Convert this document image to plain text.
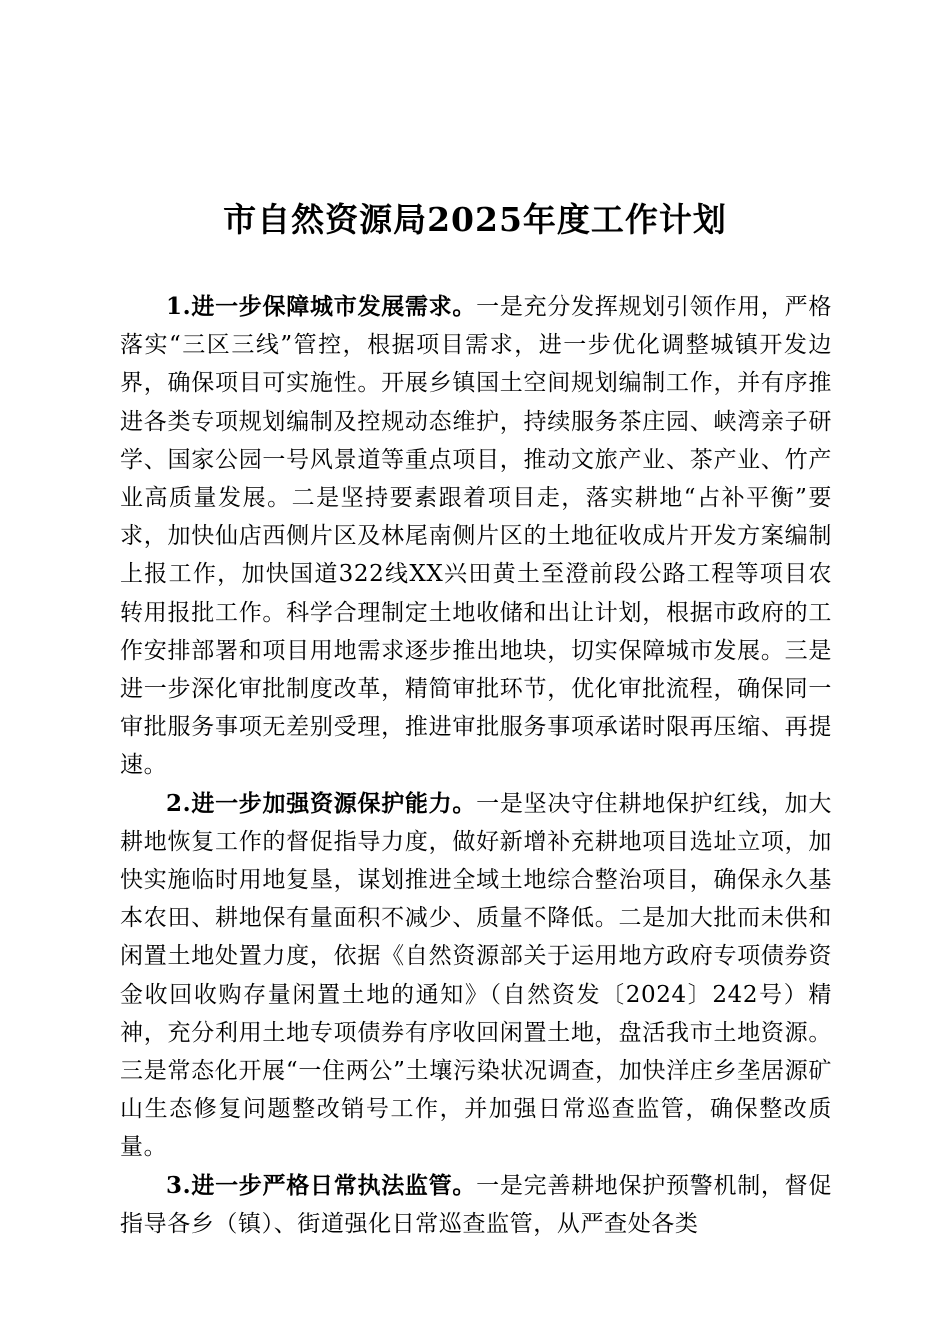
市自然资源局2025年度工作计划

1.进一步保障城市发展需求。一是充分发挥规划引领作用，严格落实“三区三线”管控，根据项目需求，进一步优化调整城镇开发边界，确保项目可实施性。开展乡镇国土空间规划编制工作，并有序推进各类专项规划编制及控规动态维护，持续服务茶庄园、峡湾亲子研学、国家公园一号风景道等重点项目，推动文旅产业、茶产业、竹产业高质量发展。二是坚持要素跟着项目走，落实耕地“占补平衡”要求，加快仙店西侧片区及林尾南侧片区的土地征收成片开发方案编制上报工作，加快国道322线XX兴田黄土至澄前段公路工程等项目农转用报批工作。科学合理制定土地收储和出让计划，根据市政府的工作安排部署和项目用地需求逐步推出地块，切实保障城市发展。三是进一步深化审批制度改革，精简审批环节，优化审批流程，确保同一审批服务事项无差别受理，推进审批服务事项承诺时限再压缩、再提速。

2.进一步加强资源保护能力。一是坚决守住耕地保护红线，加大耕地恢复工作的督促指导力度，做好新增补充耕地项目选址立项，加快实施临时用地复垦，谋划推进全域土地综合整治项目，确保永久基本农田、耕地保有量面积不减少、质量不降低。二是加大批而未供和闲置土地处置力度，依据《自然资源部关于运用地方政府专项债券资金收回收购存量闲置土地的通知》（自然资发〔2024〕242号）精神，充分利用土地专项债券有序收回闲置土地，盘活我市土地资源。三是常态化开展“一住两公”土壤污染状况调查，加快洋庄乡垄居源矿山生态修复问题整改销号工作，并加强日常巡查监管，确保整改质量。

3.进一步严格日常执法监管。一是完善耕地保护预警机制，督促指导各乡（镇）、街道强化日常巡查监管，从严查处各类
